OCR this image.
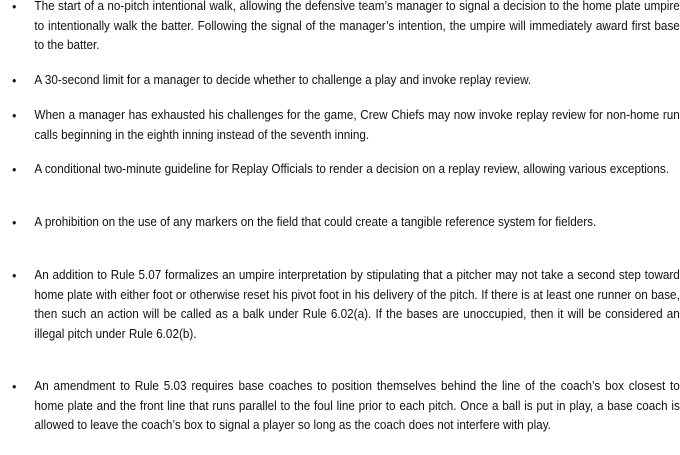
•	The start of a no-pitch intentional walk, allowing the defensive team’s manager to signal a decision to the home plate umpire to intentionally walk the batter. Following the signal of the manager’s intention, the umpire will immediately award first base to the batter.
•	A 30-second limit for a manager to decide whether to challenge a play and invoke replay review.
•	When a manager has exhausted his challenges for the game, Crew Chiefs may now invoke replay review for non-home run calls beginning in the eighth inning instead of the seventh inning.
•	A conditional two-minute guideline for Replay Officials to render a decision on a replay review, allowing various exceptions.
•	A prohibition on the use of any markers on the field that could create a tangible reference system for fielders.
•	An addition to Rule 5.07 formalizes an umpire interpretation by stipulating that a pitcher may not take a second step toward home plate with either foot or otherwise reset his pivot foot in his delivery of the pitch. If there is at least one runner on base, then such an action will be called as a balk under Rule 6.02(a). If the bases are unoccupied, then it will be considered an illegal pitch under Rule 6.02(b).
•	An amendment to Rule 5.03 requires base coaches to position themselves behind the line of the coach’s box closest to home plate and the front line that runs parallel to the foul line prior to each pitch. Once a ball is put in play, a base coach is allowed to leave the coach’s box to signal a player so long as the coach does not interfere with play.
